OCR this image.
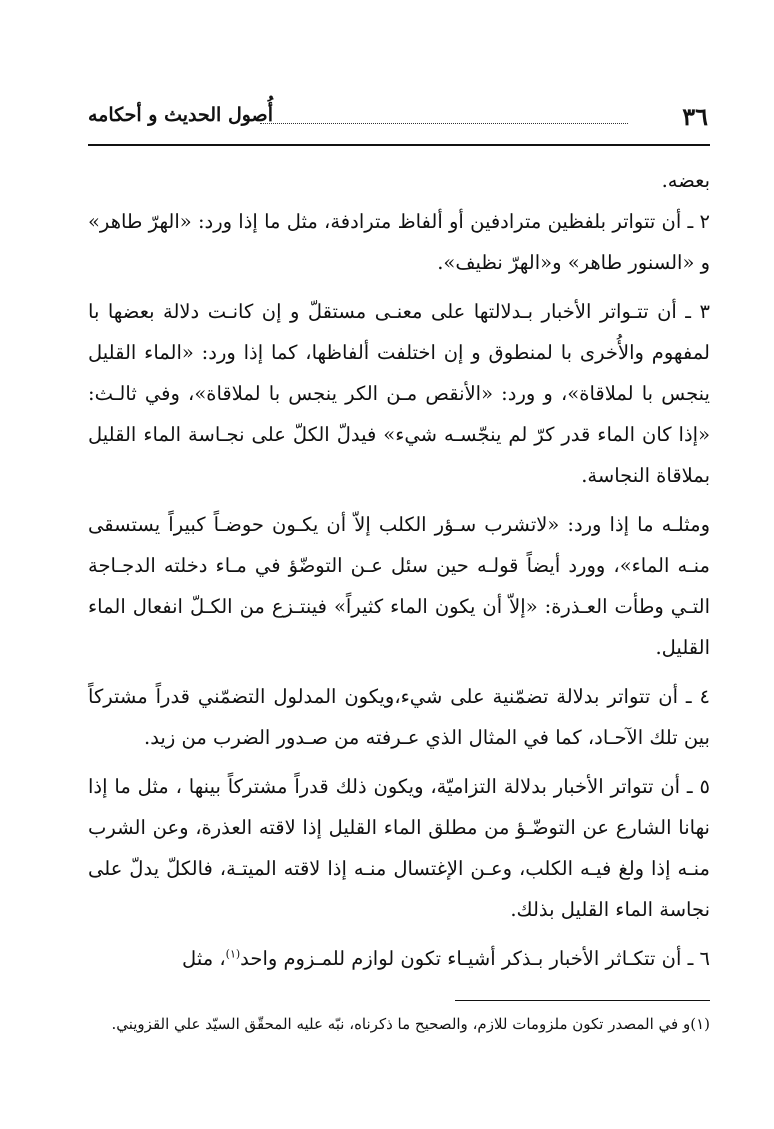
٣٦
أُصول الحديث و أحكامه

بعضه.

٢ ـ أن تتواتر بلفظين مترادفين أو ألفاظ مترادفة، مثل ما إذا ورد: «الهرّ طاهر» و «السنور طاهر» و«الهرّ نظيف».

٣ ـ أن تتـواتر الأخبار بـدلالتها على معنـى مستقلّ و إن كانـت دلالة بعضها با لمفهوم والأُخرى با لمنطوق و إن اختلفت ألفاظها، كما إذا ورد: «الماء القليل ينجس با لملاقاة»، و ورد: «الأنقص مـن الكر ينجس با لملاقاة»، وفي ثالـث: «إذا كان الماء قدر كرّ لم ينجّسـه شيء» فيدلّ الكلّ على نجـاسة الماء القليل بملاقاة النجاسة.

ومثلـه ما إذا ورد: «لاتشرب سـؤر الكلب إلاّ أن يكـون حوضـاً كبيراً يستسقى منـه الماء»، وورد أيضاً قولـه حين سئل عـن التوضّؤ في مـاء دخلته الدجـاجة التـي وطأت العـذرة: «إلاّ أن يكون الماء كثيراً» فينتـزع من الكـلّ انفعال الماء القليل.

٤ ـ أن تتواتر بدلالة تضمّنية على شيء،ويكون المدلول التضمّني قدراً مشتركاً بين تلك الآحـاد، كما في المثال الذي عـرفته من صـدور الضرب من زيد.

٥ ـ أن تتواتر الأخبار بدلالة التزاميّة، ويكون ذلك قدراً مشتركاً بينها ، مثل ما إذا نهانا الشارع عن التوضّـؤ من مطلق الماء القليل إذا لاقته العذرة، وعن الشرب منـه إذا ولغ فيـه الكلب، وعـن الإغتسال منـه إذا لاقته الميتـة، فالكلّ يدلّ على نجاسة الماء القليل بذلك.

٦ ـ أن تتكـاثر الأخبار بـذكر أشيـاء تكون لوازم للمـزوم واحد$^{(١)}$، مثل

(١)و في المصدر تكون ملزومات للازم، والصحيح ما ذكرناه، نبّه عليه المحقّق السيّد علي القزويني.
